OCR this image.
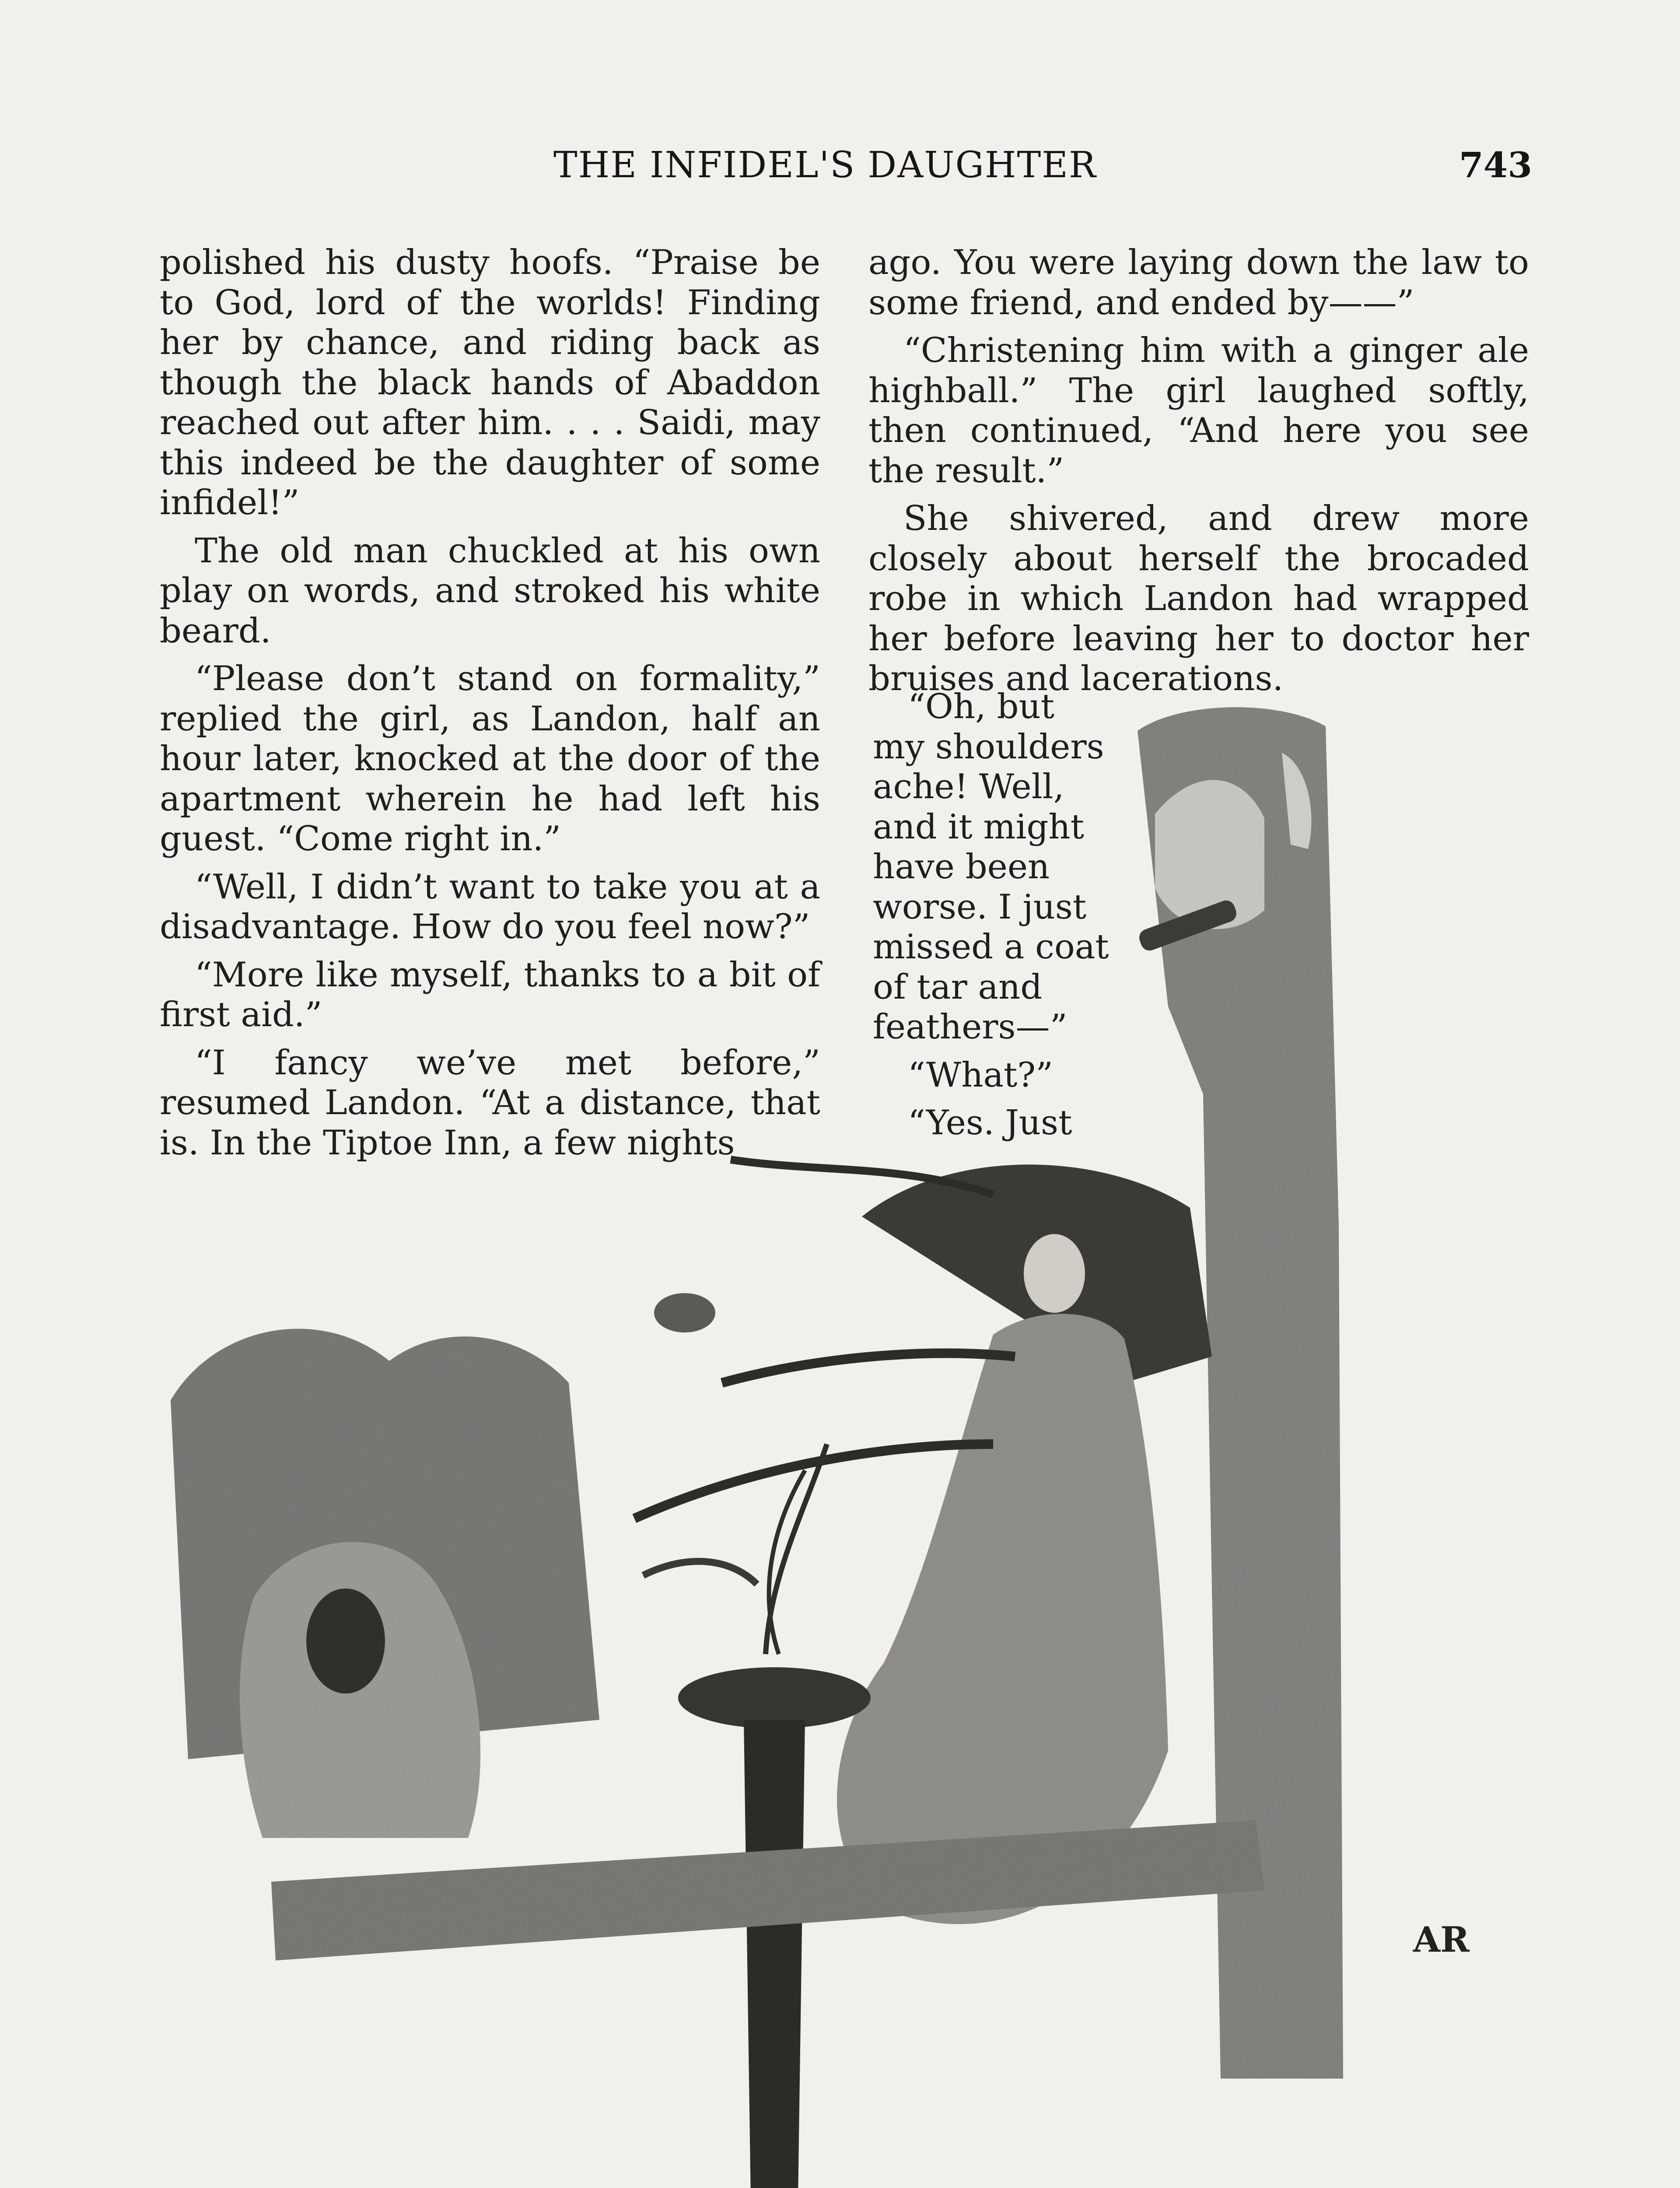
THE INFIDEL'S DAUGHTER	743

polished his dusty hoofs. “Praise be to God, lord of the worlds! Finding her by chance, and riding back as though the black hands of Abaddon reached out after him. . . . Saidi, may this indeed be the daughter of some infidel!”

The old man chuckled at his own play on words, and stroked his white beard.

“Please don’t stand on formality,” replied the girl, as Landon, half an hour later, knocked at the door of the apartment wherein he had left his guest. “Come right in.”

“Well, I didn’t want to take you at a disadvantage. How do you feel now?”

“More like myself, thanks to a bit of first aid.”

“I fancy we’ve met before,” resumed Landon. “At a distance, that is. In the Tiptoe Inn, a few nights

ago. You were laying down the law to some friend, and ended by——”

“Christening him with a ginger ale highball.” The girl laughed softly, then continued, “And here you see the result.”

She shivered, and drew more closely about herself the brocaded robe in which Landon had wrapped her before leaving her to doctor her bruises and lacerations.

“Oh, but my shoulders ache! Well, and it might have been worse. I just missed a coat of tar and feathers—”

“What?”

“Yes. Just

AR
